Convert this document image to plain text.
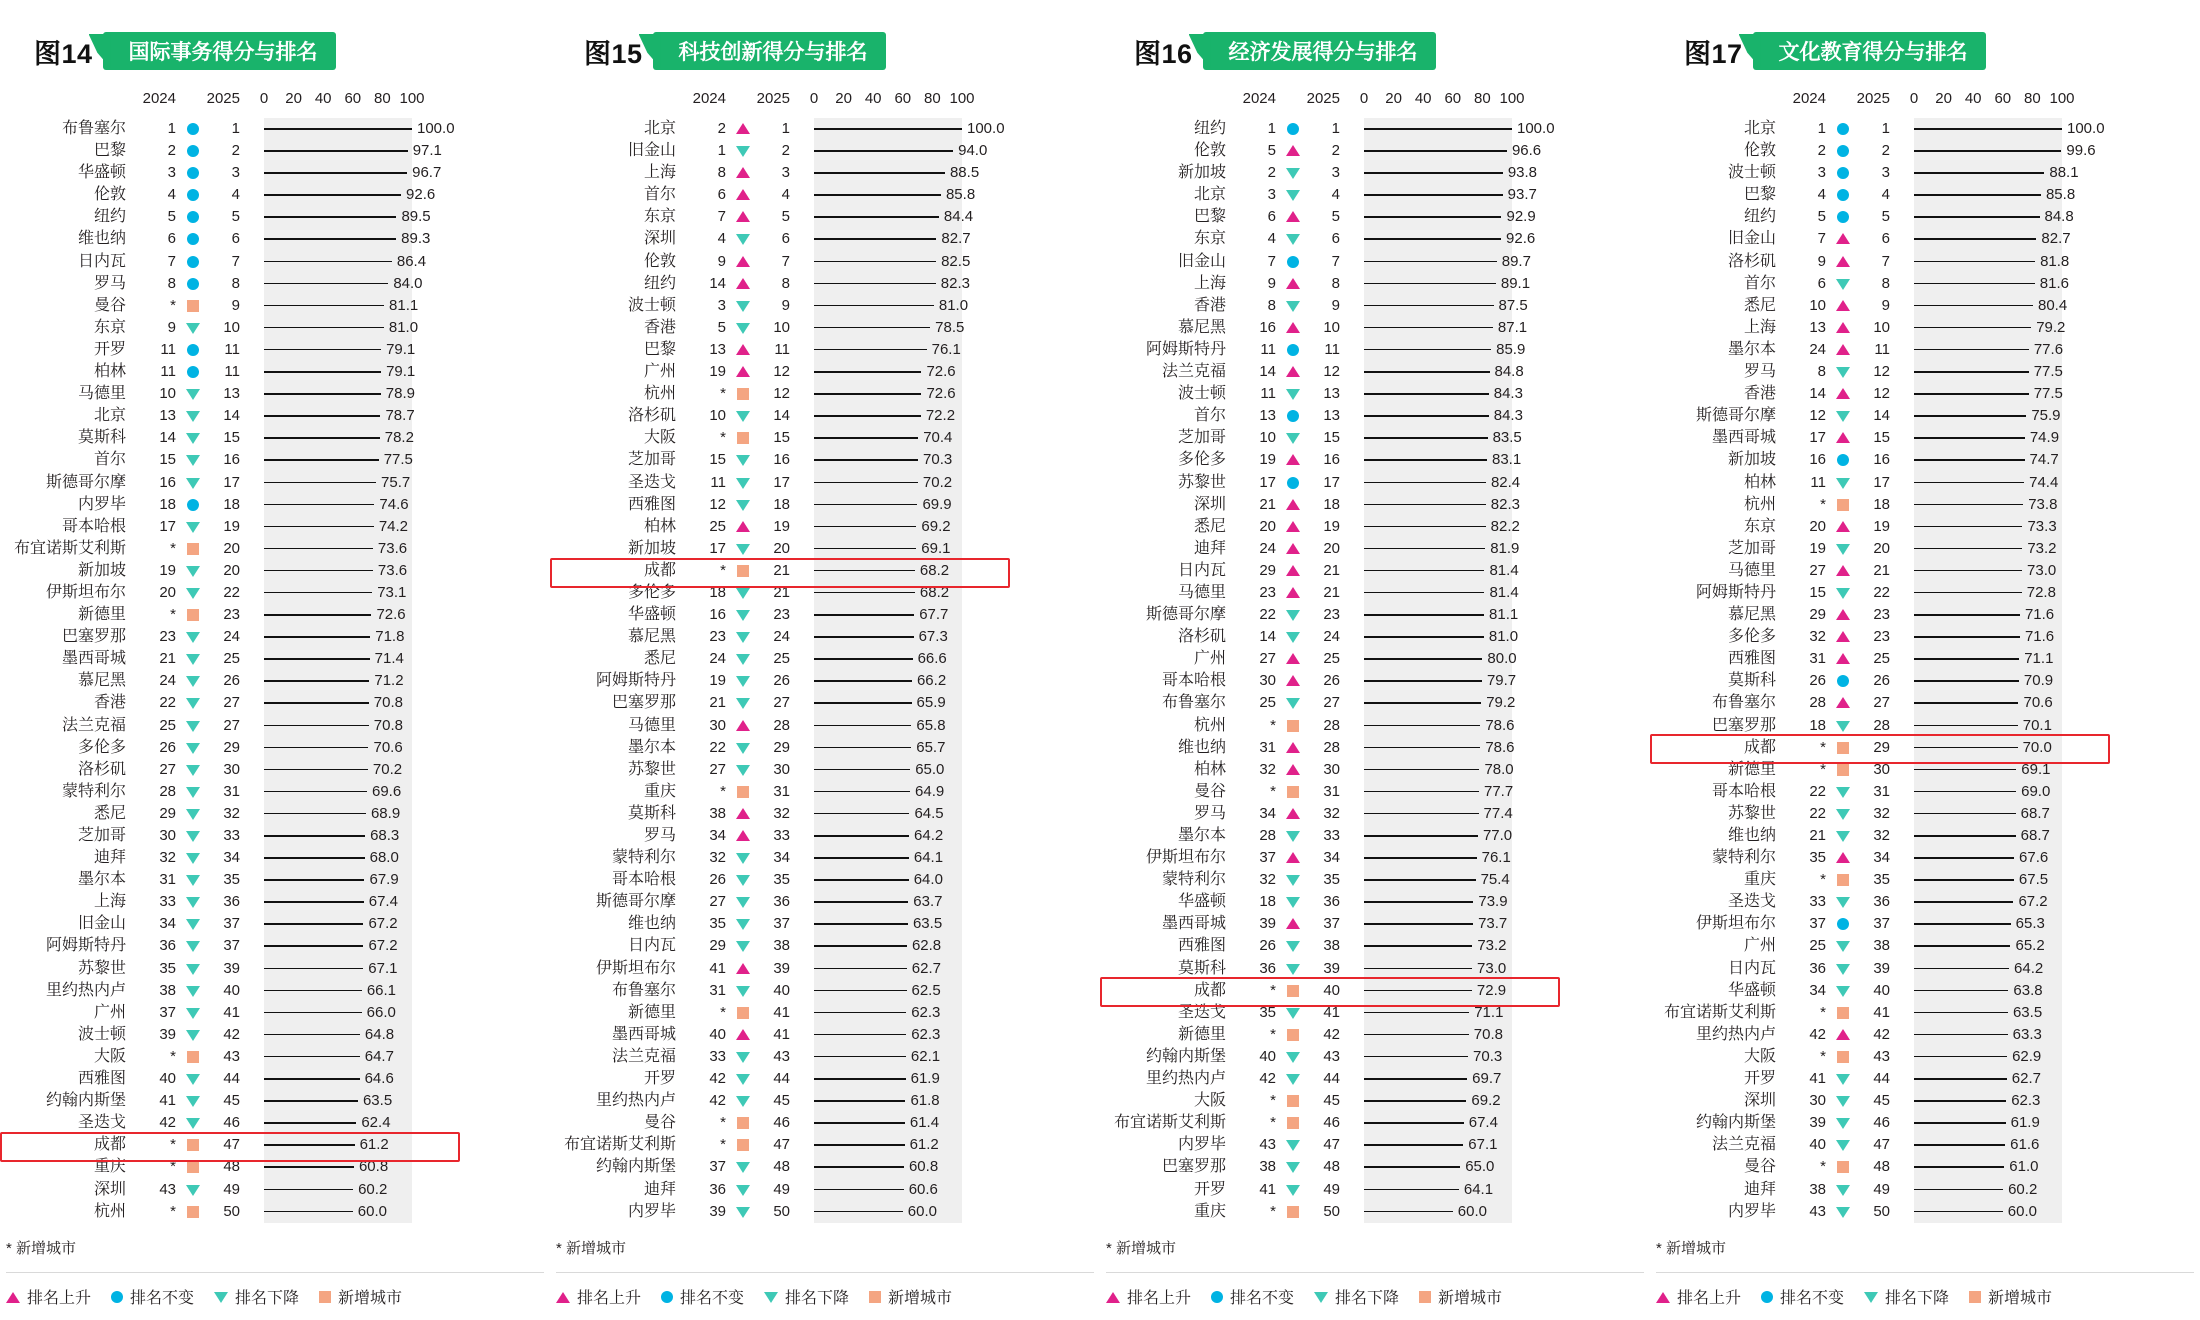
图14 国际事务得分与排名
2024	2025 0 20 40 60 80 100
布鲁塞尔	1	1	100.0
巴黎	2	2	97.1
华盛顿	3	3	96.7
伦敦	4	4	92.6
纽约	5	5	89.5
维也纳	6	6	89.3
日内瓦	7	7	86.4
罗马	8	8	84.0
曼谷	*	9	81.1
东京	9	10	81.0
开罗	11	11	79.1
柏林	11	11	79.1
马德里	10	13	78.9
北京	13	14	78.7
莫斯科	14	15	78.2
首尔	15	16	77.5
斯德哥尔摩	16	17	75.7
内罗毕	18	18	74.6
哥本哈根	17	19	74.2
布宜诺斯艾利斯	*	20	73.6
新加坡	19	20	73.6
伊斯坦布尔	20	22	73.1
新德里	*	23	72.6
巴塞罗那	23	24	71.8
墨西哥城	21	25	71.4
慕尼黑	24	26	71.2
香港	22	27	70.8
法兰克福	25	27	70.8
多伦多	26	29	70.6
洛杉矶	27	30	70.2
蒙特利尔	28	31	69.6
悉尼	29	32	68.9
芝加哥	30	33	68.3
迪拜	32	34	68.0
墨尔本	31	35	67.9
上海	33	36	67.4
旧金山	34	37	67.2
阿姆斯特丹	36	37	67.2
苏黎世	35	39	67.1
里约热内卢	38	40	66.1
广州	37	41	66.0
波士顿	39	42	64.8
大阪	*	43	64.7
西雅图	40	44	64.6
约翰内斯堡	41	45	63.5
圣迭戈	42	46	62.4
成都	*	47	61.2
重庆	*	48	60.8
深圳	43	49	60.2
杭州	*	50	60.0
* 新增城市
排名上升 排名不变	排名下降 新增城市
图15 科技创新得分与排名
2024	2025 0 20 40 60 80 100
北京	2	1	100.0
旧金山	1	2	94.0
上海	8	3	88.5
首尔	6	4	85.8
东京	7	5	84.4
深圳	4	6	82.7
伦敦	9	7	82.5
纽约	14	8	82.3
波士顿	3	9	81.0
香港	5	10	78.5
巴黎	13	11	76.1
广州	19	12	72.6
杭州	*	12	72.6
洛杉矶	10	14	72.2
大阪	*	15	70.4
芝加哥	15	16	70.3
圣迭戈	11	17	70.2
西雅图	12	18	69.9
柏林	25	19	69.2
新加坡	17	20	69.1
成都	*	21	68.2
多伦多	18	21	68.2
华盛顿	16	23	67.7
慕尼黑	23	24	67.3
悉尼	24	25	66.6
阿姆斯特丹	19	26	66.2
巴塞罗那	21	27	65.9
马德里	30	28	65.8
墨尔本	22	29	65.7
苏黎世	27	30	65.0
重庆	*	31	64.9
莫斯科	38	32	64.5
罗马	34	33	64.2
蒙特利尔	32	34	64.1
哥本哈根	26	35	64.0
斯德哥尔摩	27	36	63.7
维也纳	35	37	63.5
日内瓦	29	38	62.8
伊斯坦布尔	41	39	62.7
布鲁塞尔	31	40	62.5
新德里	*	41	62.3
墨西哥城	40	41	62.3
法兰克福	33	43	62.1
开罗	42	44	61.9
里约热内卢	42	45	61.8
曼谷	*	46	61.4
布宜诺斯艾利斯	*	47	61.2
约翰内斯堡	37	48	60.8
迪拜	36	49	60.6
内罗毕	39	50	60.0
* 新增城市
排名上升 排名不变	排名下降 新增城市
图16 经济发展得分与排名
2024	2025 0 20 40 60 80 100
纽约	1	1	100.0
伦敦	5	2	96.6
新加坡	2	3	93.8
北京	3	4	93.7
巴黎	6	5	92.9
东京	4	6	92.6
旧金山	7	7	89.7
上海	9	8	89.1
香港	8	9	87.5
慕尼黑	16	10	87.1
阿姆斯特丹	11	11	85.9
法兰克福	14	12	84.8
波士顿	11	13	84.3
首尔	13	13	84.3
芝加哥	10	15	83.5
多伦多	19	16	83.1
苏黎世	17	17	82.4
深圳	21	18	82.3
悉尼	20	19	82.2
迪拜	24	20	81.9
日内瓦	29	21	81.4
马德里	23	21	81.4
斯德哥尔摩	22	23	81.1
洛杉矶	14	24	81.0
广州	27	25	80.0
哥本哈根	30	26	79.7
布鲁塞尔	25	27	79.2
杭州	*	28	78.6
维也纳	31	28	78.6
柏林	32	30	78.0
曼谷	*	31	77.7
罗马	34	32	77.4
墨尔本	28	33	77.0
伊斯坦布尔	37	34	76.1
蒙特利尔	32	35	75.4
华盛顿	18	36	73.9
墨西哥城	39	37	73.7
西雅图	26	38	73.2
莫斯科	36	39	73.0
成都	*	40	72.9
圣迭戈	35	41	71.1
新德里	*	42	70.8
约翰内斯堡	40	43	70.3
里约热内卢	42	44	69.7
大阪	*	45	69.2
布宜诺斯艾利斯	*	46	67.4
内罗毕	43	47	67.1
巴塞罗那	38	48	65.0
开罗	41	49	64.1
重庆	*	50	60.0
* 新增城市
排名上升 排名不变	排名下降 新增城市
图17 文化教育得分与排名
2024	2025 0 20 40 60 80 100
北京	1	1	100.0
伦敦	2	2	99.6
波士顿	3	3	88.1
巴黎	4	4	85.8
纽约	5	5	84.8
旧金山	7	6	82.7
洛杉矶	9	7	81.8
首尔	6	8	81.6
悉尼	10	9	80.4
上海	13	10	79.2
墨尔本	24	11	77.6
罗马	8	12	77.5
香港	14	12	77.5
斯德哥尔摩	12	14	75.9
墨西哥城	17	15	74.9
新加坡	16	16	74.7
柏林	11	17	74.4
杭州	*	18	73.8
东京	20	19	73.3
芝加哥	19	20	73.2
马德里	27	21	73.0
阿姆斯特丹	15	22	72.8
慕尼黑	29	23	71.6
多伦多	32	23	71.6
西雅图	31	25	71.1
莫斯科	26	26	70.9
布鲁塞尔	28	27	70.6
巴塞罗那	18	28	70.1
成都	*	29	70.0
新德里	*	30	69.1
哥本哈根	22	31	69.0
苏黎世	22	32	68.7
维也纳	21	32	68.7
蒙特利尔	35	34	67.6
重庆	*	35	67.5
圣迭戈	33	36	67.2
伊斯坦布尔	37	37	65.3
广州	25	38	65.2
日内瓦	36	39	64.2
华盛顿	34	40	63.8
布宜诺斯艾利斯	*	41	63.5
里约热内卢	42	42	63.3
大阪	*	43	62.9
开罗	41	44	62.7
深圳	30	45	62.3
约翰内斯堡	39	46	61.9
法兰克福	40	47	61.6
曼谷	*	48	61.0
迪拜	38	49	60.2
内罗毕	43	50	60.0
* 新增城市
排名上升 排名不变	排名下降 新增城市
